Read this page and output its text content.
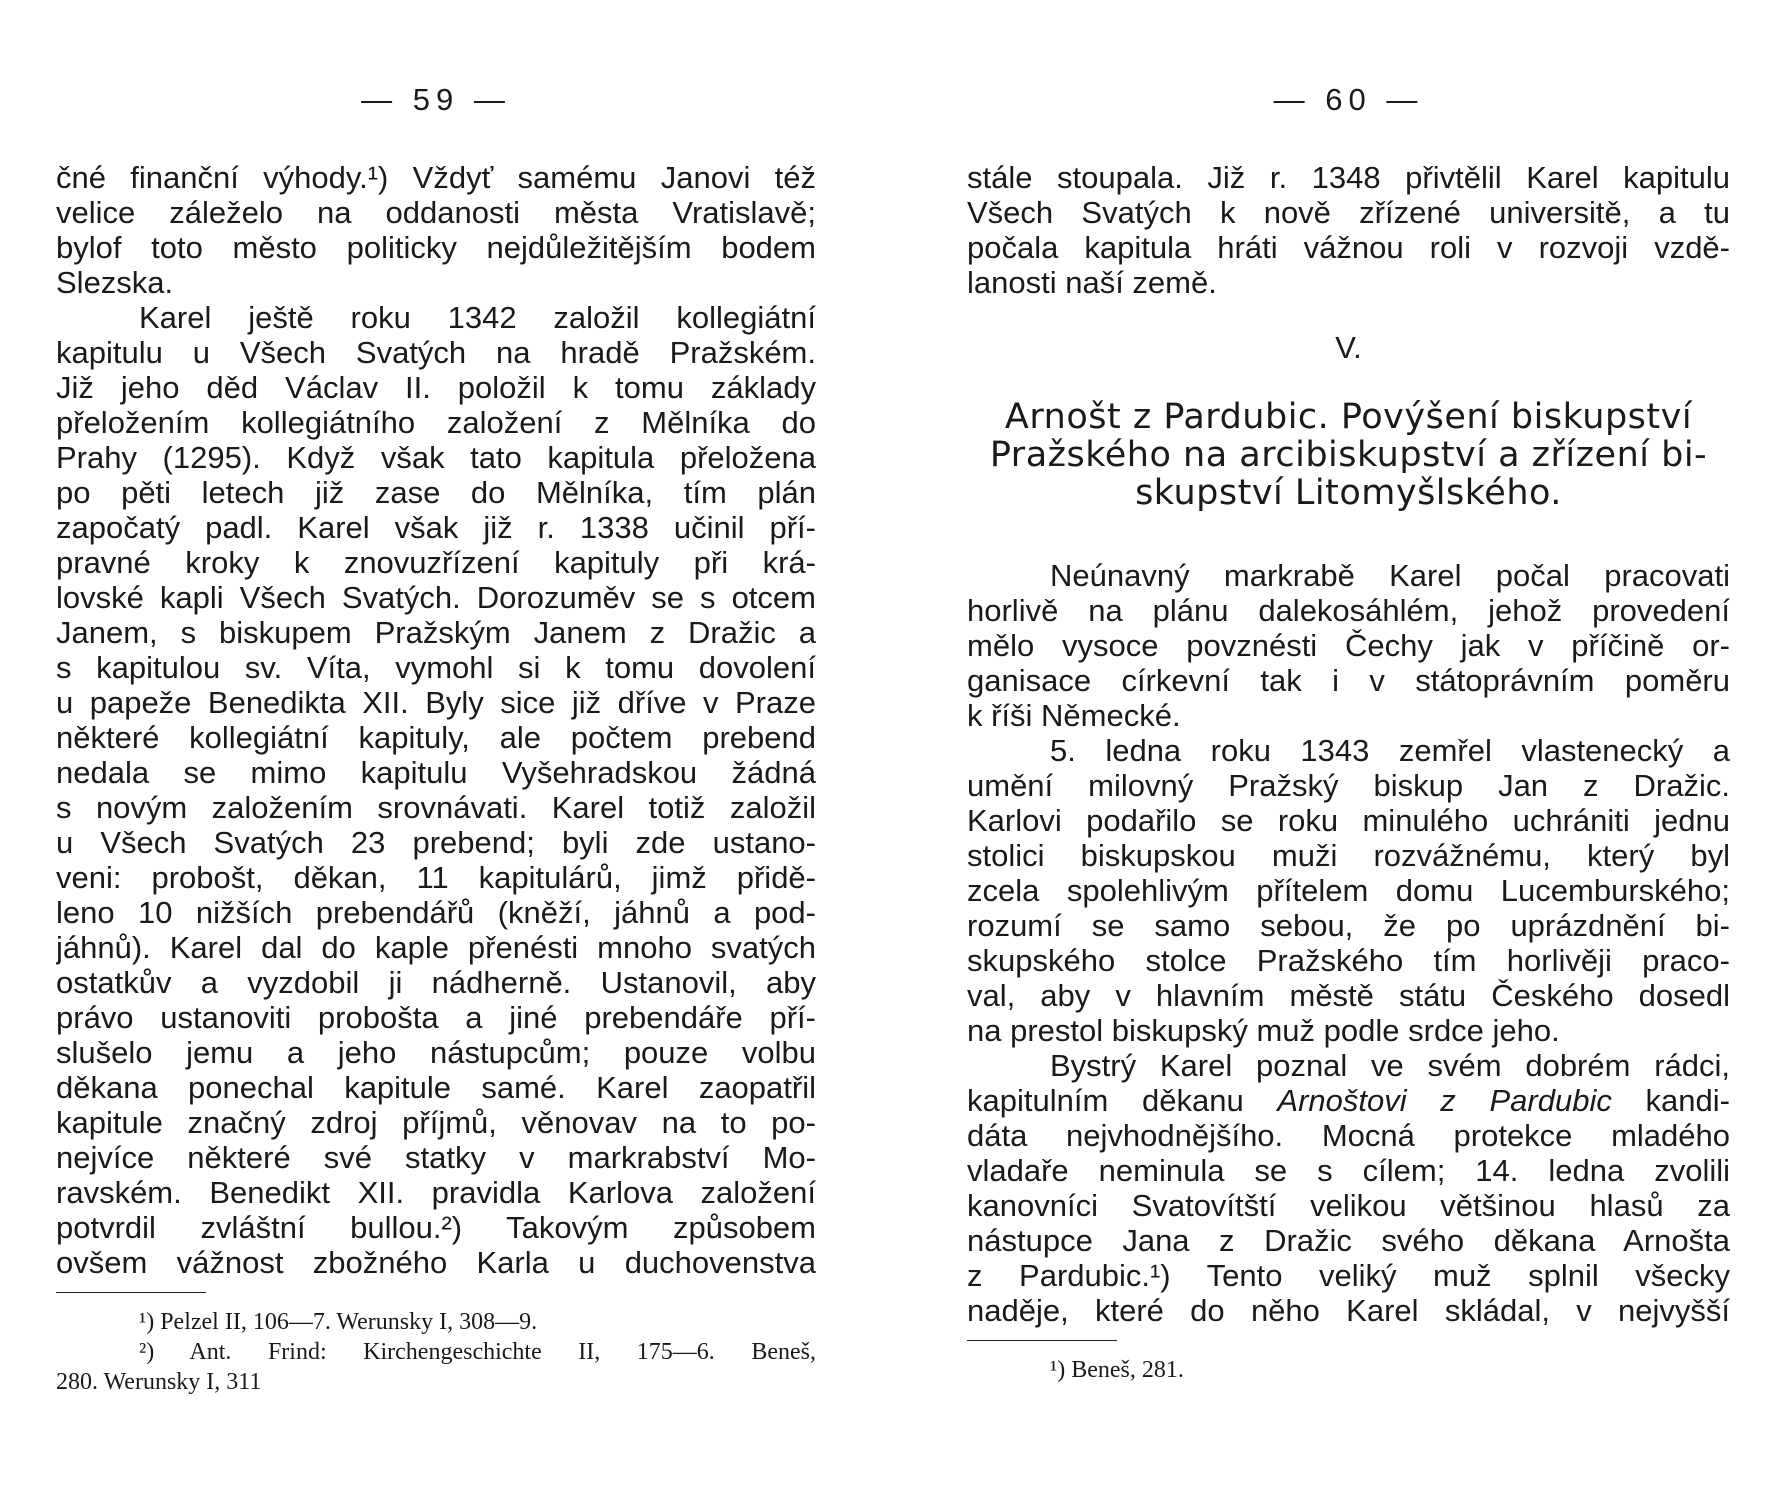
— 59 —
čné finanční výhody.¹) Vždyť samému Janovi též
velice záleželo na oddanosti města Vratislavě;
bylof toto město politicky nejdůležitějším bodem
Slezska.
Karel ještě roku 1342 založil kollegiátní
kapitulu u Všech Svatých na hradě Pražském.
Již jeho děd Václav II. položil k tomu základy
přeložením kollegiátního založení z Mělníka do
Prahy (1295). Když však tato kapitula přeložena
po pěti letech již zase do Mělníka, tím plán
započatý padl. Karel však již r. 1338 učinil pří-
pravné kroky k znovuzřízení kapituly při krá-
lovské kapli Všech Svatých. Dorozuměv se s otcem
Janem, s biskupem Pražským Janem z Dražic a
s kapitulou sv. Víta, vymohl si k tomu dovolení
u papeže Benedikta XII. Byly sice již dříve v Praze
některé kollegiátní kapituly, ale počtem prebend
nedala se mimo kapitulu Vyšehradskou žádná
s novým založením srovnávati. Karel totiž založil
u Všech Svatých 23 prebend; byli zde ustano-
veni: probošt, děkan, 11 kapitulárů, jimž přidě-
leno 10 nižších prebendářů (kněží, jáhnů a pod-
jáhnů). Karel dal do kaple přenésti mnoho svatých
ostatkův a vyzdobil ji nádherně. Ustanovil, aby
právo ustanoviti probošta a jiné prebendáře pří-
slušelo jemu a jeho nástupcům; pouze volbu
děkana ponechal kapitule samé. Karel zaopatřil
kapitule značný zdroj příjmů, věnovav na to po-
nejvíce některé své statky v markrabství Mo-
ravském. Benedikt XII. pravidla Karlova založení
potvrdil zvláštní bullou.²) Takovým způsobem
ovšem vážnost zbožného Karla u duchovenstva
¹) Pelzel II, 106—7. Werunsky I, 308—9.
²) Ant. Frind: Kirchengeschichte II, 175—6. Beneš,
280. Werunsky I, 311
— 60 —
stále stoupala. Již r. 1348 přivtělil Karel kapitulu
Všech Svatých k nově zřízené universitě, a tu
počala kapitula hráti vážnou roli v rozvoji vzdě-
lanosti naší země.
V.
Arnošt z Pardubic. Povýšení biskupství
Pražského na arcibiskupství a zřízení bi-
skupství Litomyšlského.
Neúnavný markrabě Karel počal pracovati
horlivě na plánu dalekosáhlém, jehož provedení
mělo vysoce povznésti Čechy jak v příčině or-
ganisace církevní tak i v státoprávním poměru
k říši Německé.
5. ledna roku 1343 zemřel vlastenecký a
umění milovný Pražský biskup Jan z Dražic.
Karlovi podařilo se roku minulého uchrániti jednu
stolici biskupskou muži rozvážnému, který byl
zcela spolehlivým přítelem domu Lucemburského;
rozumí se samo sebou, že po uprázdnění bi-
skupského stolce Pražského tím horlivěji praco-
val, aby v hlavním městě státu Českého dosedl
na prestol biskupský muž podle srdce jeho.
Bystrý Karel poznal ve svém dobrém rádci,
kapitulním děkanu Arnoštovi z Pardubic kandi-
dáta nejvhodnějšího. Mocná protekce mladého
vladaře neminula se s cílem; 14. ledna zvolili
kanovníci Svatovítští velikou většinou hlasů za
nástupce Jana z Dražic svého děkana Arnošta
z Pardubic.¹) Tento veliký muž splnil všecky
naděje, které do něho Karel skládal, v nejvyšší
¹) Beneš, 281.
